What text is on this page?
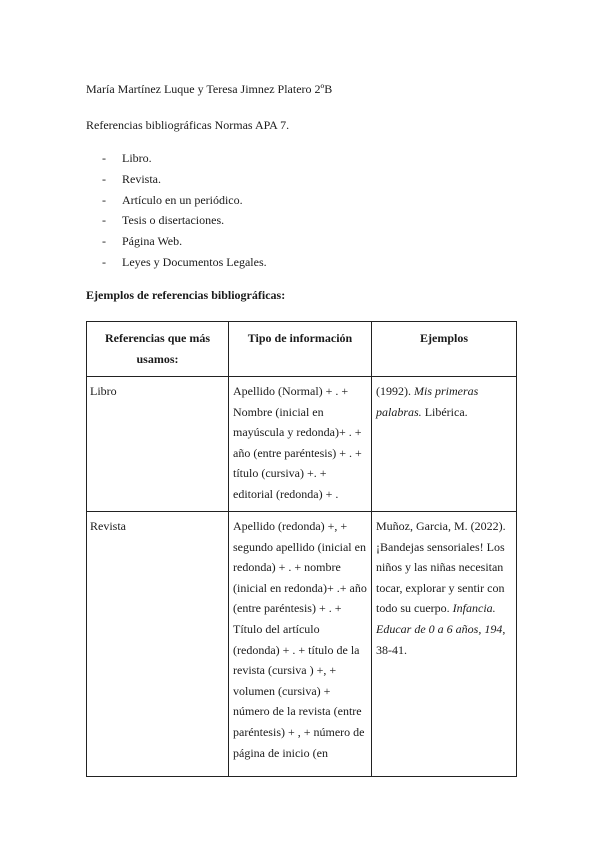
María Martínez Luque y Teresa Jimnez Platero 2ºB
Referencias bibliográficas Normas APA 7.
- Libro.
- Revista.
- Artículo en un periódico.
- Tesis o disertaciones.
- Página Web.
- Leyes y Documentos Legales.
Ejemplos de referencias bibliográficas:
Referencias que más usamos:	Tipo de información	Ejemplos
Libro	Apellido (Normal) + . + Nombre (inicial en mayúscula y redonda)+ . + año (entre paréntesis) + . + título (cursiva) +. + editorial (redonda) + .	(1992). Mis primeras palabras. Libérica.
Revista	Apellido (redonda) +, + segundo apellido (inicial en redonda) + . + nombre (inicial en redonda)+ .+ año (entre paréntesis) + . + Título del artículo (redonda) + . + título de la revista (cursiva ) +, + volumen (cursiva) + número de la revista (entre paréntesis) + , + número de página de inicio (en	Muñoz, Garcia, M. (2022). ¡Bandejas sensoriales! Los niños y las niñas necesitan tocar, explorar y sentir con todo su cuerpo. Infancia. Educar de 0 a 6 años, 194, 38-41.
